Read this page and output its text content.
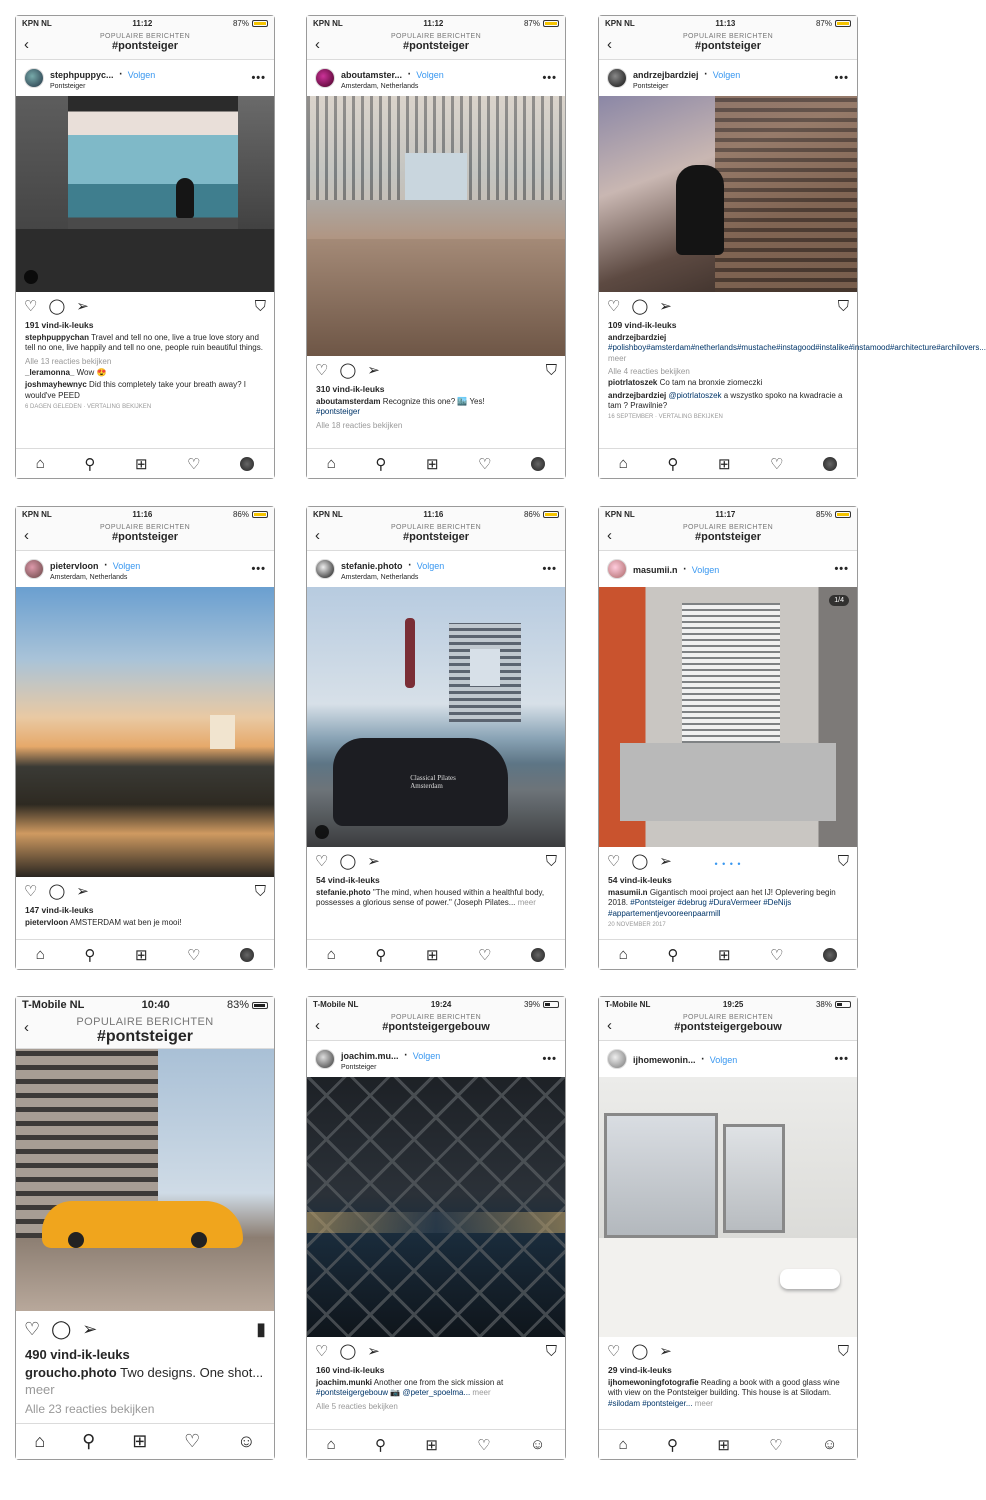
KPN NL	11:12	87%
‹	POPULAIRE BERICHTEN
#pontsteiger
stephpuppyc... · Volgen
Pontsteiger
•••
♡ ◯ ➢	⛉
191 vind-ik-leuks
stephpuppychan Travel and tell no one, live a true love story and tell no one, live happily and tell no one, people ruin beautiful things.
Alle 13 reacties bekijken
_leramonna_ Wow 😍
joshmayhewnyc Did this completely take your breath away? I would've PEED
6 DAGEN GELEDEN · VERTALING BEKIJKEN
⌂	⚲	⊞	♡
KPN NL	11:12	87%
‹	POPULAIRE BERICHTEN
#pontsteiger
aboutamster... · Volgen
Amsterdam, Netherlands
•••
♡ ◯ ➢	⛉
310 vind-ik-leuks
aboutamsterdam Recognize this one? 🏙️ Yes!
#pontsteiger
Alle 18 reacties bekijken
⌂	⚲	⊞	♡
KPN NL	11:13	87%
‹	POPULAIRE BERICHTEN
#pontsteiger
andrzejbardziej · Volgen
Pontsteiger
•••
♡ ◯ ➢	⛉
109 vind-ik-leuks
andrzejbardziej
#polishboy#amsterdam#netherlands#mustache#instagood#instalike#instamood#architecture#archilovers... meer
Alle 4 reacties bekijken
piotrlatoszek Co tam na bronxie ziomeczki
andrzejbardziej @piotrlatoszek a wszystko spoko na kwadracie a tam ? Prawilnie?
16 SEPTEMBER · VERTALING BEKIJKEN
⌂	⚲	⊞	♡
KPN NL	11:16	86%
‹	POPULAIRE BERICHTEN
#pontsteiger
pietervloon · Volgen
Amsterdam, Netherlands
•••
♡ ◯ ➢	⛉
147 vind-ik-leuks
pietervloon AMSTERDAM wat ben je mooi!
⌂	⚲	⊞	♡
KPN NL	11:16	86%
‹	POPULAIRE BERICHTEN
#pontsteiger
stefanie.photo · Volgen
Amsterdam, Netherlands
•••
Classical Pilates Amsterdam
♡ ◯ ➢	⛉
54 vind-ik-leuks
stefanie.photo "The mind, when housed within a healthful body, possesses a glorious sense of power." (Joseph Pilates... meer
⌂	⚲	⊞	♡
KPN NL	11:17	85%
‹	POPULAIRE BERICHTEN
#pontsteiger
masumii.n · Volgen	•••
1/4
♡ ◯ ➢	• • • •	⛉
54 vind-ik-leuks
masumii.n Gigantisch mooi project aan het IJ! Oplevering begin 2018. #Pontsteiger #debrug #DuraVermeer #DeNijs #appartementjevooreenpaarmill
20 NOVEMBER 2017
⌂	⚲	⊞	♡
T-Mobile NL	10:40	83%
‹	POPULAIRE BERICHTEN
#pontsteiger
♡ ◯ ➢	▮
490 vind-ik-leuks
groucho.photo Two designs. One shot... meer
Alle 23 reacties bekijken
⌂ ⚲ ⊞ ♡ ☺
T-Mobile NL	19:24	39%
‹	POPULAIRE BERICHTEN
#pontsteigergebouw
joachim.mu... · Volgen
Pontsteiger
•••
♡ ◯ ➢	⛉
160 vind-ik-leuks
joachim.munki Another one from the sick mission at #pontsteigergebouw 📷 @peter_spoelma... meer
Alle 5 reacties bekijken
⌂	⚲	⊞	♡	☺
T-Mobile NL	19:25	38%
‹	POPULAIRE BERICHTEN
#pontsteigergebouw
ijhomewonin... · Volgen	•••
♡ ◯ ➢	⛉
29 vind-ik-leuks
ijhomewoningfotografie Reading a book with a good glass wine with view on the Pontsteiger building. This house is at Silodam. #silodam #pontsteiger... meer
⌂	⚲	⊞	♡	☺
